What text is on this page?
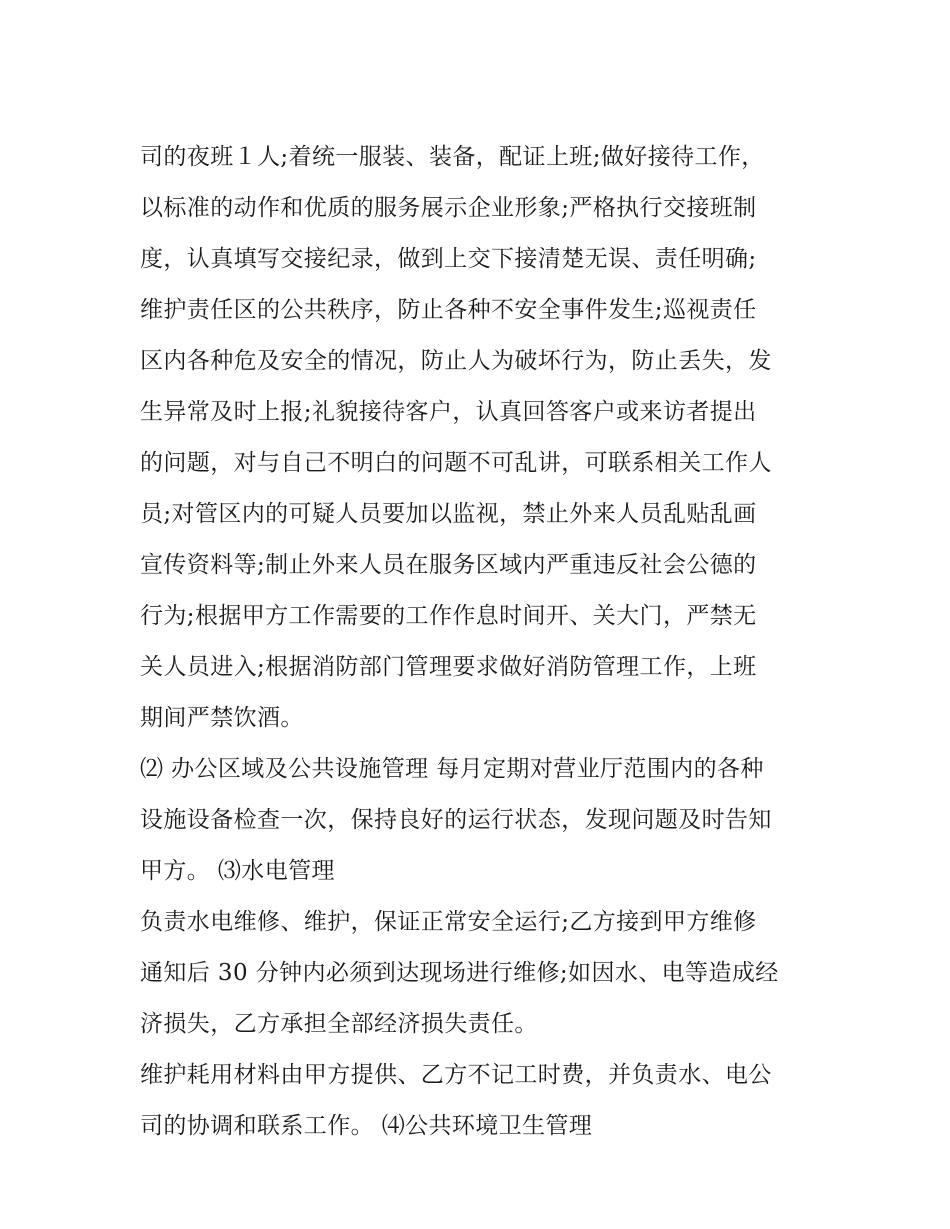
司的夜班１人;着统一服装、装备，配证上班;做好接待工作，
以标准的动作和优质的服务展示企业形象;严格执行交接班制
度，认真填写交接纪录，做到上交下接清楚无误、责任明确;
维护责任区的公共秩序，防止各种不安全事件发生;巡视责任
区内各种危及安全的情况，防止人为破坏行为，防止丢失，发
生异常及时上报;礼貌接待客户，认真回答客户或来访者提出
的问题，对与自己不明白的问题不可乱讲，可联系相关工作人
员;对管区内的可疑人员要加以监视，禁止外来人员乱贴乱画
宣传资料等;制止外来人员在服务区域内严重违反社会公德的
行为;根据甲方工作需要的工作作息时间开、关大门，严禁无
关人员进入;根据消防部门管理要求做好消防管理工作，上班
期间严禁饮酒。
⑵ 办公区域及公共设施管理 每月定期对营业厅范围内的各种
设施设备检查一次，保持良好的运行状态，发现问题及时告知
甲方。 ⑶水电管理
负责水电维修、维护，保证正常安全运行;乙方接到甲方维修
通知后 30 分钟内必须到达现场进行维修;如因水、电等造成经
济损失，乙方承担全部经济损失责任。
维护耗用材料由甲方提供、乙方不记工时费，并负责水、电公
司的协调和联系工作。 ⑷公共环境卫生管理
